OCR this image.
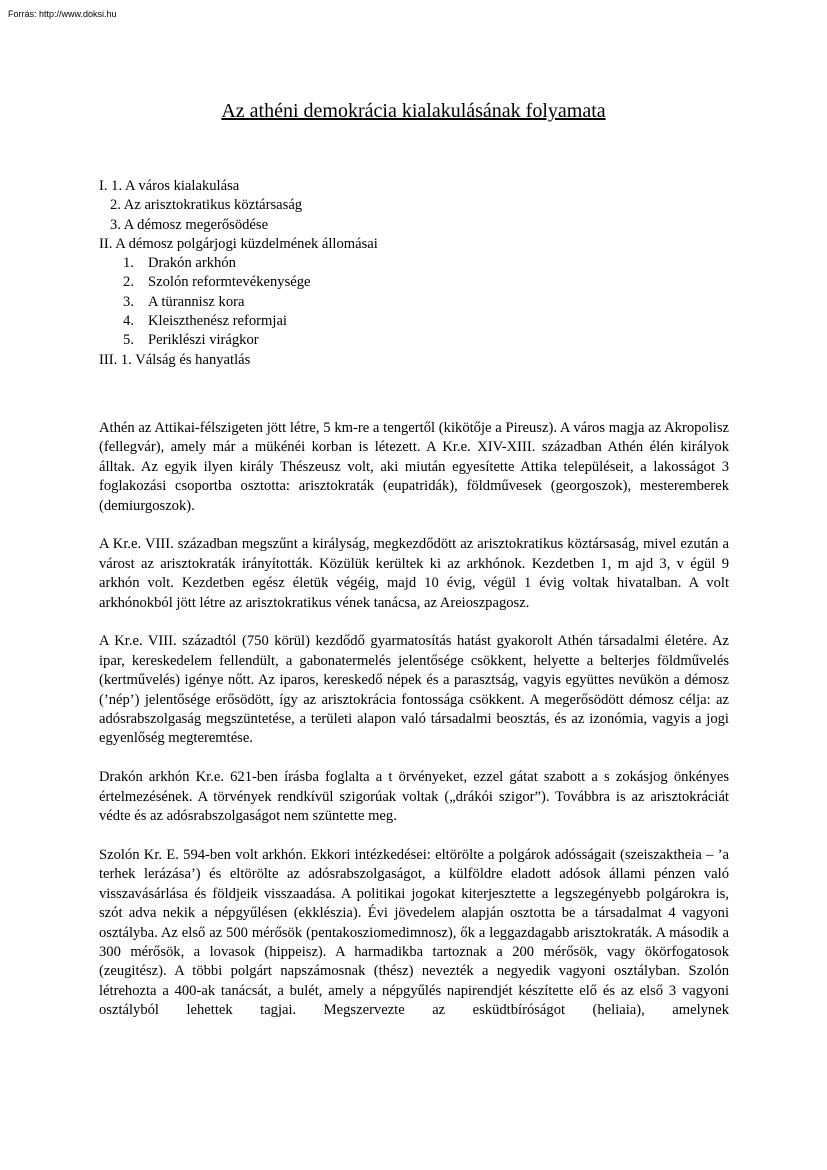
Forrás: http://www.doksi.hu
Az athéni demokrácia kialakulásának folyamata
I. 1. A város kialakulása
2. Az arisztokratikus köztársaság
3. A démosz megerősödése
II. A démosz polgárjogi küzdelmének állomásai
1. Drakón arkhón
2. Szolón reformtevékenysége
3. A türannisz kora
4. Kleiszthenész reformjai
5. Periklészi virágkor
III. 1. Válság és hanyatlás

Athén az Attikai-félszigeten jött létre, 5 km-re a tengertől (kikötője a Pireusz). A város magja az Akropolisz (fellegvár), amely már a mükénéi korban is létezett. A Kr.e. XIV-XIII. században Athén élén királyok álltak. Az egyik ilyen király Thészeusz volt, aki miután egyesítette Attika településeit, a lakosságot 3 foglakozási csoportba osztotta: arisztokraták (eupatridák), földművesek (georgoszok), mesteremberek (demiurgoszok).

A Kr.e. VIII. században megszűnt a királyság, megkezdődött az arisztokratikus köztársaság, mivel ezután a várost az arisztokraták irányították. Közülük kerültek ki az arkhónok. Kezdetben 1, m ajd 3, v égül 9 arkhón volt. Kezdetben egész életük végéig, majd 10 évig, végül 1 évig voltak hivatalban. A volt arkhónokból jött létre az arisztokratikus vének tanácsa, az Areioszpagosz.

A Kr.e. VIII. századtól (750 körül) kezdődő gyarmatosítás hatást gyakorolt Athén társadalmi életére. Az ipar, kereskedelem fellendült, a gabonatermelés jelentősége csökkent, helyette a belterjes földművelés (kertművelés) igénye nőtt. Az iparos, kereskedő népek és a parasztság, vagyis együttes nevükön a démosz (’nép’) jelentősége erősödött, így az arisztokrácia fontossága csökkent. A megerősödött démosz célja: az adósrabszolgaság megszüntetése, a területi alapon való társadalmi beosztás, és az izonómia, vagyis a jogi egyenlőség megteremtése.

Drakón arkhón Kr.e. 621-ben írásba foglalta a t örvényeket, ezzel gátat szabott a s zokásjog önkényes értelmezésének. A törvények rendkívül szigorúak voltak („drákói szigor”). Továbbra is az arisztokráciát védte és az adósrabszolgaságot nem szüntette meg.

Szolón Kr. E. 594-ben volt arkhón. Ekkori intézkedései: eltörölte a polgárok adósságait (szeiszaktheia – ’a terhek lerázása’) és eltörölte az adósrabszolgaságot, a külföldre eladott adósok állami pénzen való visszavásárlása és földjeik visszaadása. A politikai jogokat kiterjesztette a legszegényebb polgárokra is, szót adva nekik a népgyűlésen (ekklészia). Évi jövedelem alapján osztotta be a társadalmat 4 vagyoni osztályba. Az első az 500 mérősök (pentakosziomedimnosz), ők a leggazdagabb arisztokraták. A második a 300 mérősök, a lovasok (hippeisz). A harmadikba tartoznak a 200 mérősök, vagy ökörfogatosok (zeugitész). A többi polgárt napszámosnak (thész) nevezték a negyedik vagyoni osztályban. Szolón létrehozta a 400-ak tanácsát, a bulét, amely a népgyűlés napirendjét készítette elő és az első 3 vagyoni osztályból lehettek tagjai. Megszervezte az esküdtbíróságot (heliaia), amelynek
